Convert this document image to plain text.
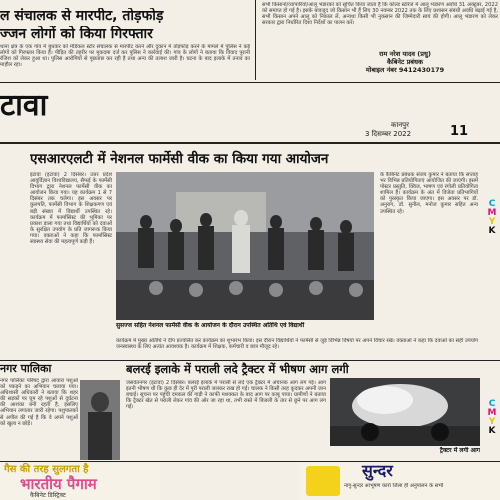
ल संचालक से मारपीट, तोड़फोड़
ज्जन लोगों को किया गिरफ्तार
थाना क्षेत्र के एक गांव में बुधवार को मेडिकल स्टोर संचालक से मारपीट करने और दुकान में तोड़फोड़ करने के मामले में पुलिस ने कई लोगों को गिरफ्तार किया है। पीड़ित की तहरीर पर मुकदमा दर्ज कर पुलिस ने कार्रवाई की। गांव के लोगों ने बताया कि विवाद पुरानी रंजिश को लेकर हुआ था। पुलिस आरोपियों से पूछताछ कर रही है तथा अन्य की तलाश जारी है। घटना के बाद इलाके में तनाव का माहौल रहा।
सभी किसानों/व्यापारियों/आलू भंडारकों को सूचित किया जाता है कि कोल्ड स्टोरेज में आलू भंडारण अवधि 31 अक्टूबर, 2022 को समाप्त हो गई है। इसके बावजूद जो किसान भी हैं लिए 30 नवम्बर 2022 तक के लिए प्रशासन संबंधी अवधि बढ़ाई गई है, सभी किसान अपने आलू को निकाल लें, अन्यथा किसी भी नुकसान की जिम्मेदारी स्वयं की होगी। आलू भंडारण को लेकर सरकार द्वारा निर्धारित दिशा निर्देशों का पालन करें।
राम नरेश यादव (प्रधु)
कैबिनेट प्रबंधक
मोबाइल नंबर 9412430179
टावा
कानपुर
3 दिसम्बर 2022	11
एसआरएलटी में नेशनल फार्मेसी वीक का किया गया आयोजन
इटावा (इटावा) 2 दिसंबर। उत्तर प्रदेश आयुर्विज्ञान विश्वविद्यालय, सैफई के फार्मेसी विभाग द्वारा नेशनल फार्मेसी वीक का आयोजन किया गया। यह कार्यक्रम 1 से 7 दिसंबर तक चलेगा। इस अवसर पर कुलपति, फार्मेसी विभाग के शिक्षकगण एवं बड़ी संख्या में विद्यार्थी उपस्थित रहे। कार्यक्रम में फार्मासिस्ट की भूमिका पर प्रकाश डाला गया तथा विद्यार्थियों को दवाओं के सुरक्षित उपयोग के प्रति जागरूक किया गया। वक्ताओं ने कहा कि फार्मासिस्ट स्वास्थ्य सेवा की महत्वपूर्ण कड़ी हैं।
सुसज्ज सहित नेशनल फार्मेसी वीक के आयोजन के दौरान उपस्थित अतिथि एवं विद्यार्थी
के कैबिनेट प्रबंधक संजय कुमार ने बताया कि सप्ताह भर विभिन्न प्रतियोगिताएं आयोजित की जाएंगी। इसमें पोस्टर प्रस्तुति, क्विज, भाषण एवं रंगोली प्रतियोगिता शामिल हैं। कार्यक्रम के अंत में विजेता प्रतिभागियों को पुरस्कृत किया जाएगा। इस अवसर पर डॉ. अनुराग, डॉ. सुनील, मनोज कुमार सहित अन्य उपस्थित रहे।
कार्यक्रम में मुख्य अतिथि ने दीप प्रज्वलित कर कार्यक्रम का शुभारंभ किया। इस दौरान विद्यार्थियों ने फार्मेसी से जुड़े विभिन्न विषयों पर अपने विचार रखे। वक्ताओं ने कहा कि दवाओं का सही उपयोग जनस्वास्थ्य के लिए अत्यंत आवश्यक है। कार्यक्रम में शिक्षक, कर्मचारी व छात्र मौजूद रहे।
C
M
Y
K
नगर पालिका
नगर पालिका परिषद द्वारा आवारा पशुओं को पकड़ने का अभियान चलाया गया। अधिशासी अधिकारी ने बताया कि शहर की सड़कों पर घूम रहे पशुओं से दुर्घटना की आशंका बनी रहती है, इसलिए अभियान लगातार जारी रहेगा। पशुपालकों से अपील की गई है कि वे अपने पशुओं को खुला न छोड़ें।
बलरई इलाके में पराली लदे ट्रैक्टर में भीषण आग लगी
जसवंतनगर (इटावा) 2 दिसंबर। बलरई इलाके में पराली से लदे एक ट्रैक्टर में अचानक आग लग गई। आग इतनी भीषण थी कि कुछ ही देर में पूरी पराली जलकर राख हो गई। चालक ने किसी तरह कूदकर अपनी जान बचाई। सूचना पर पहुंची दमकल की गाड़ी ने काफी मशक्कत के बाद आग पर काबू पाया। ग्रामीणों ने बताया कि ट्रैक्टर खेत से पराली लेकर गांव की ओर जा रहा था, तभी रास्ते में बिजली के तार से छूने पर आग लग गई।
ट्रैक्टर में लगी आग
C
M
Y
K
गैस की तरह सुलगता है
भारतीय पैगाम
कैबिनेट डिस्ट्रिक्ट
सुन्दर
नागु-सुन्दर आभूषण कारों जिला ही अनुपालन के सभी
